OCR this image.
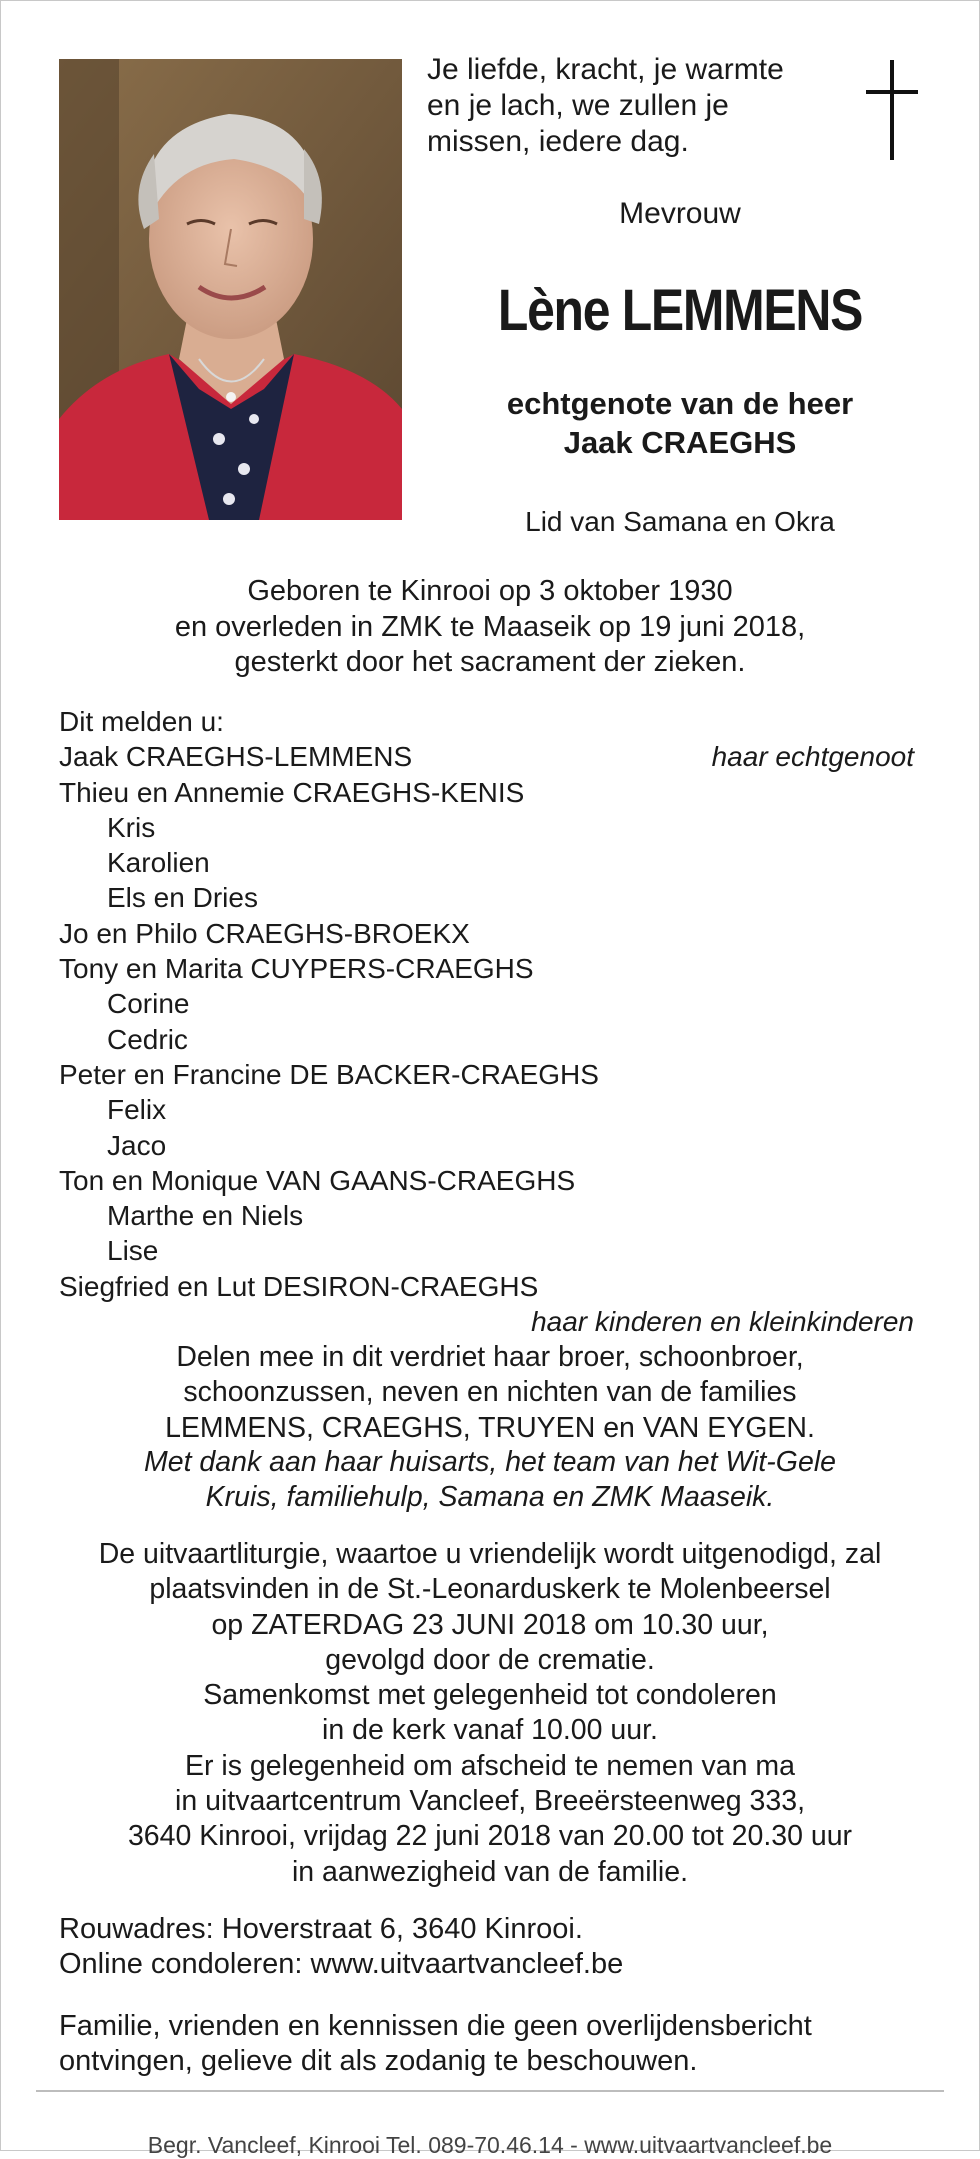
Je liefde, kracht, je warmte
en je lach, we zullen je
missen, iedere dag.
Mevrouw
Lène LEMMENS
echtgenote van de heer
Jaak CRAEGHS
Lid van Samana en Okra
Geboren te Kinrooi op 3 oktober 1930
en overleden in ZMK te Maaseik op 19 juni 2018,
gesterkt door het sacrament der zieken.
Dit melden u:
Jaak CRAEGHS-LEMMENS	haar echtgenoot
Thieu en Annemie CRAEGHS-KENIS
Kris
Karolien
Els en Dries
Jo en Philo CRAEGHS-BROEKX
Tony en Marita CUYPERS-CRAEGHS
Corine
Cedric
Peter en Francine DE BACKER-CRAEGHS
Felix
Jaco
Ton en Monique VAN GAANS-CRAEGHS
Marthe en Niels
Lise
Siegfried en Lut DESIRON-CRAEGHS
haar kinderen en kleinkinderen
Delen mee in dit verdriet haar broer, schoonbroer,
schoonzussen, neven en nichten van de families
LEMMENS, CRAEGHS, TRUYEN en VAN EYGEN.
Met dank aan haar huisarts, het team van het Wit-Gele
Kruis, familiehulp, Samana en ZMK Maaseik.
De uitvaartliturgie, waartoe u vriendelijk wordt uitgenodigd, zal
plaatsvinden in de St.-Leonarduskerk te Molenbeersel
op ZATERDAG 23 JUNI 2018 om 10.30 uur,
gevolgd door de crematie.
Samenkomst met gelegenheid tot condoleren
in de kerk vanaf 10.00 uur.
Er is gelegenheid om afscheid te nemen van ma
in uitvaartcentrum Vancleef, Breeërsteenweg 333,
3640 Kinrooi, vrijdag 22 juni 2018 van 20.00 tot 20.30 uur
in aanwezigheid van de familie.
Rouwadres: Hoverstraat 6, 3640 Kinrooi.
Online condoleren: www.uitvaartvancleef.be
Familie, vrienden en kennissen die geen overlijdensbericht
ontvingen, gelieve dit als zodanig te beschouwen.
Begr. Vancleef, Kinrooi Tel. 089-70.46.14 - www.uitvaartvancleef.be
